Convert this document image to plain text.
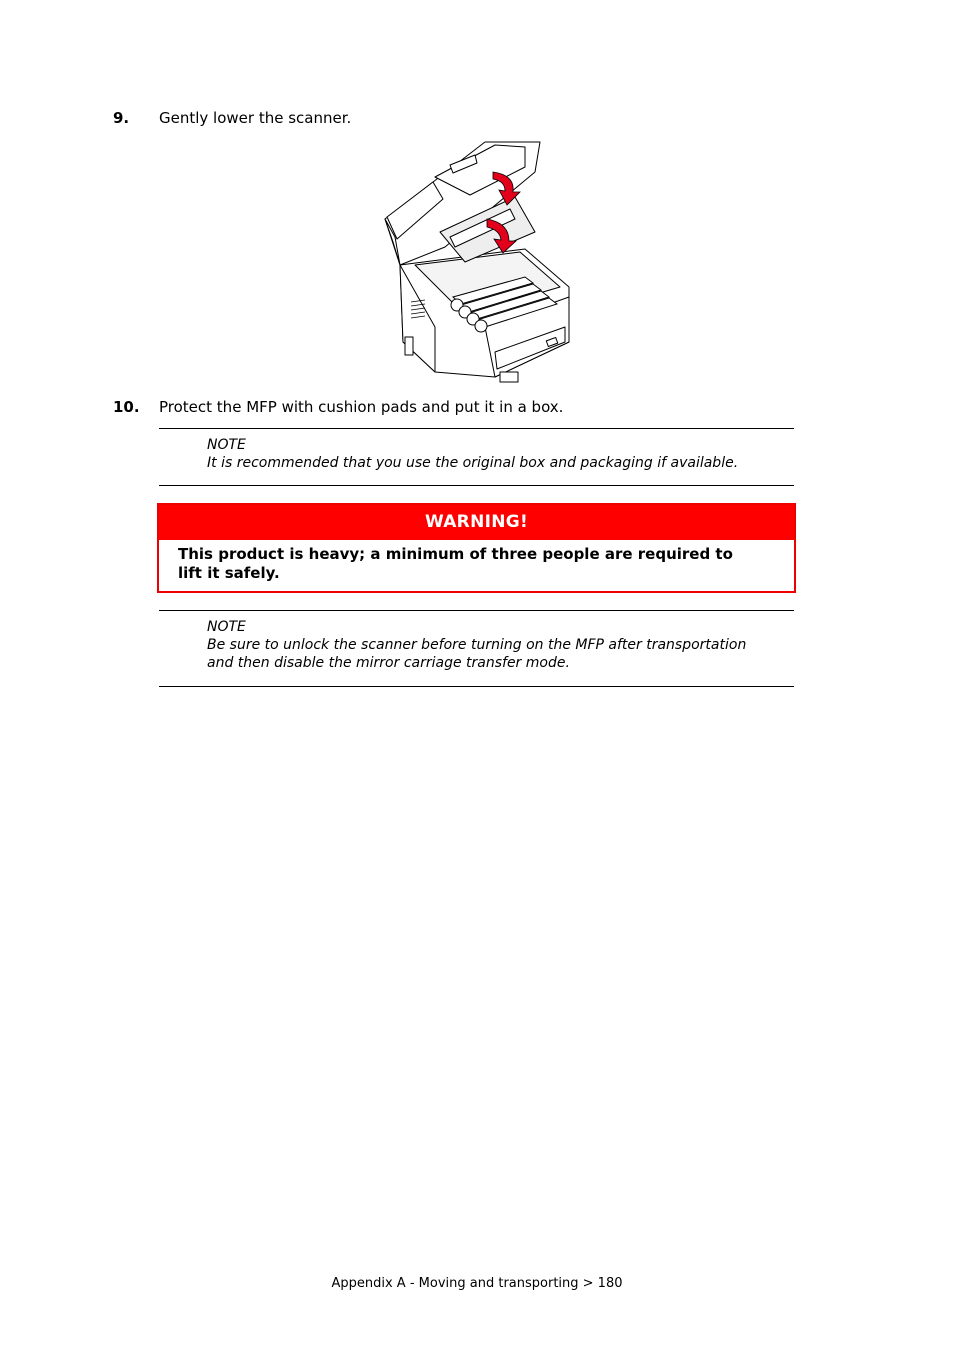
9. Gently lower the scanner.
10. Protect the MFP with cushion pads and put it in a box.
NOTE
It is recommended that you use the original box and packaging if available.
WARNING!
This product is heavy; a minimum of three people are required to
lift it safely.
NOTE
Be sure to unlock the scanner before turning on the MFP after transportation
and then disable the mirror carriage transfer mode.
Appendix A - Moving and transporting > 180
